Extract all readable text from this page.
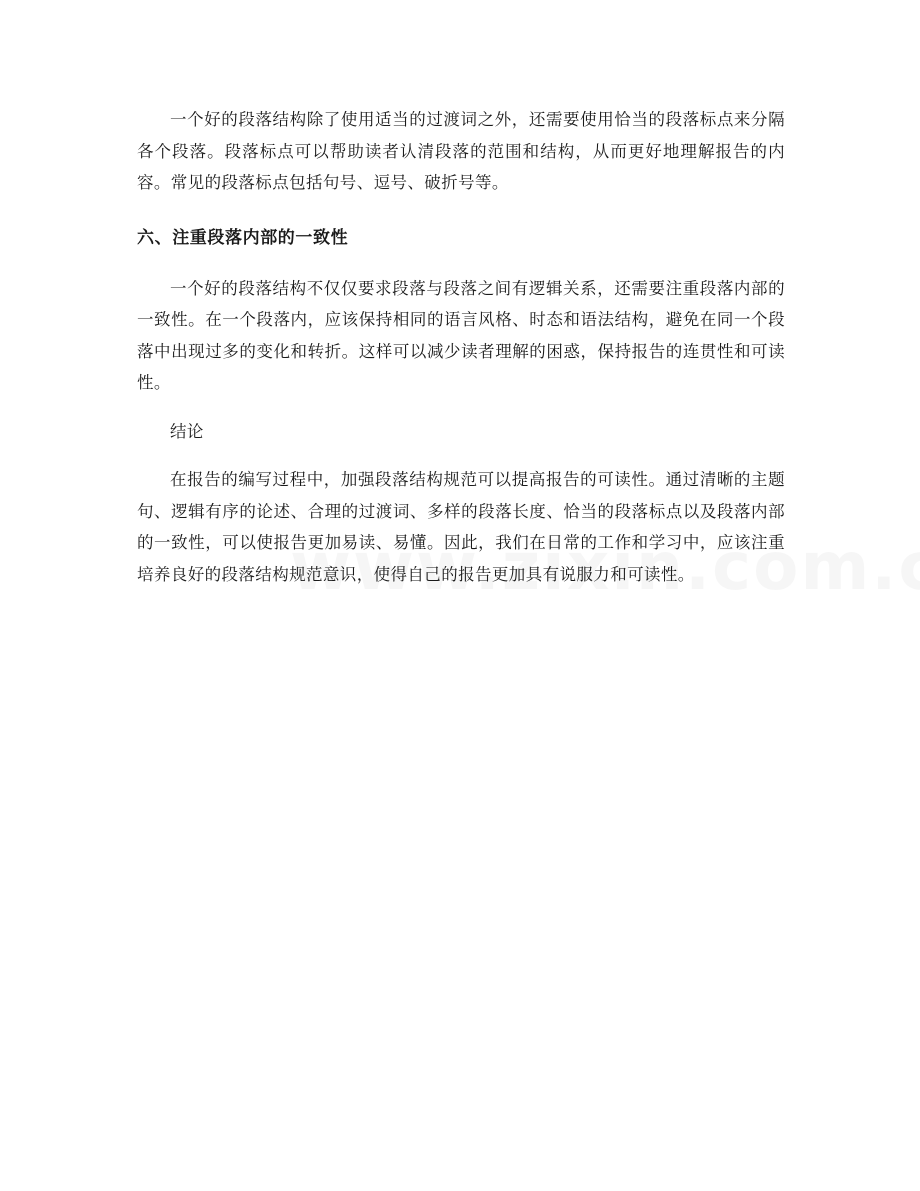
一个好的段落结构除了使用适当的过渡词之外，还需要使用恰当的段落标点来分隔各个段落。段落标点可以帮助读者认清段落的范围和结构，从而更好地理解报告的内容。常见的段落标点包括句号、逗号、破折号等。

六、注重段落内部的一致性

一个好的段落结构不仅仅要求段落与段落之间有逻辑关系，还需要注重段落内部的一致性。在一个段落内，应该保持相同的语言风格、时态和语法结构，避免在同一个段落中出现过多的变化和转折。这样可以减少读者理解的困惑，保持报告的连贯性和可读性。

结论

在报告的编写过程中，加强段落结构规范可以提高报告的可读性。通过清晰的主题句、逻辑有序的论述、合理的过渡词、多样的段落长度、恰当的段落标点以及段落内部的一致性，可以使报告更加易读、易懂。因此，我们在日常的工作和学习中，应该注重培养良好的段落结构规范意识，使得自己的报告更加具有说服力和可读性。
